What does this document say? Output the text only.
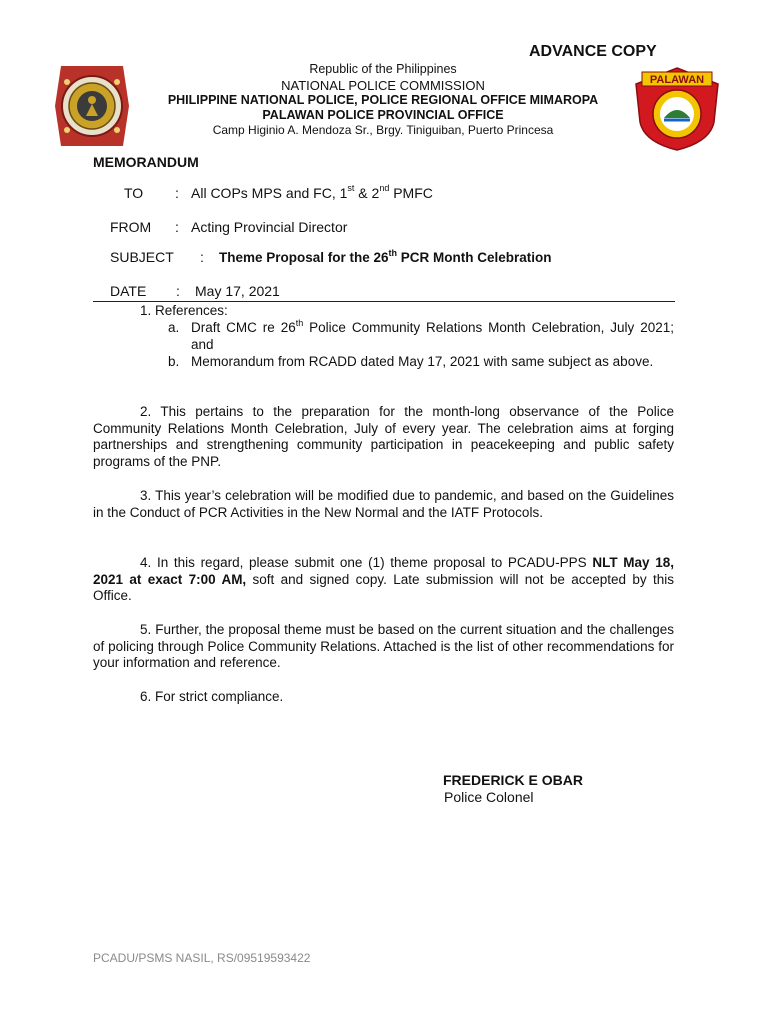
ADVANCE COPY
Republic of the Philippines
NATIONAL POLICE COMMISSION
PHILIPPINE NATIONAL POLICE, POLICE REGIONAL OFFICE MIMAROPA
PALAWAN POLICE PROVINCIAL OFFICE
Camp Higinio A. Mendoza Sr., Brgy. Tiniguiban, Puerto Princesa
PALAWAN
MEMORANDUM
TO : All COPs MPS and FC, 1st & 2nd PMFC
FROM : Acting Provincial Director
SUBJECT : Theme Proposal for the 26th PCR Month Celebration
DATE : May 17, 2021
1. References:
a. Draft CMC re 26th Police Community Relations Month Celebration, July 2021; and
b. Memorandum from RCADD dated May 17, 2021 with same subject as above.

2. This pertains to the preparation for the month-long observance of the Police Community Relations Month Celebration, July of every year. The celebration aims at forging partnerships and strengthening community participation in peacekeeping and public safety programs of the PNP.

3. This year’s celebration will be modified due to pandemic, and based on the Guidelines in the Conduct of PCR Activities in the New Normal and the IATF Protocols.

4. In this regard, please submit one (1) theme proposal to PCADU-PPS NLT May 18, 2021 at exact 7:00 AM, soft and signed copy. Late submission will not be accepted by this Office.

5. Further, the proposal theme must be based on the current situation and the challenges of policing through Police Community Relations. Attached is the list of other recommendations for your information and reference.

6. For strict compliance.

FREDERICK E OBAR
Police Colonel
PCADU/PSMS NASIL, RS/09519593422
